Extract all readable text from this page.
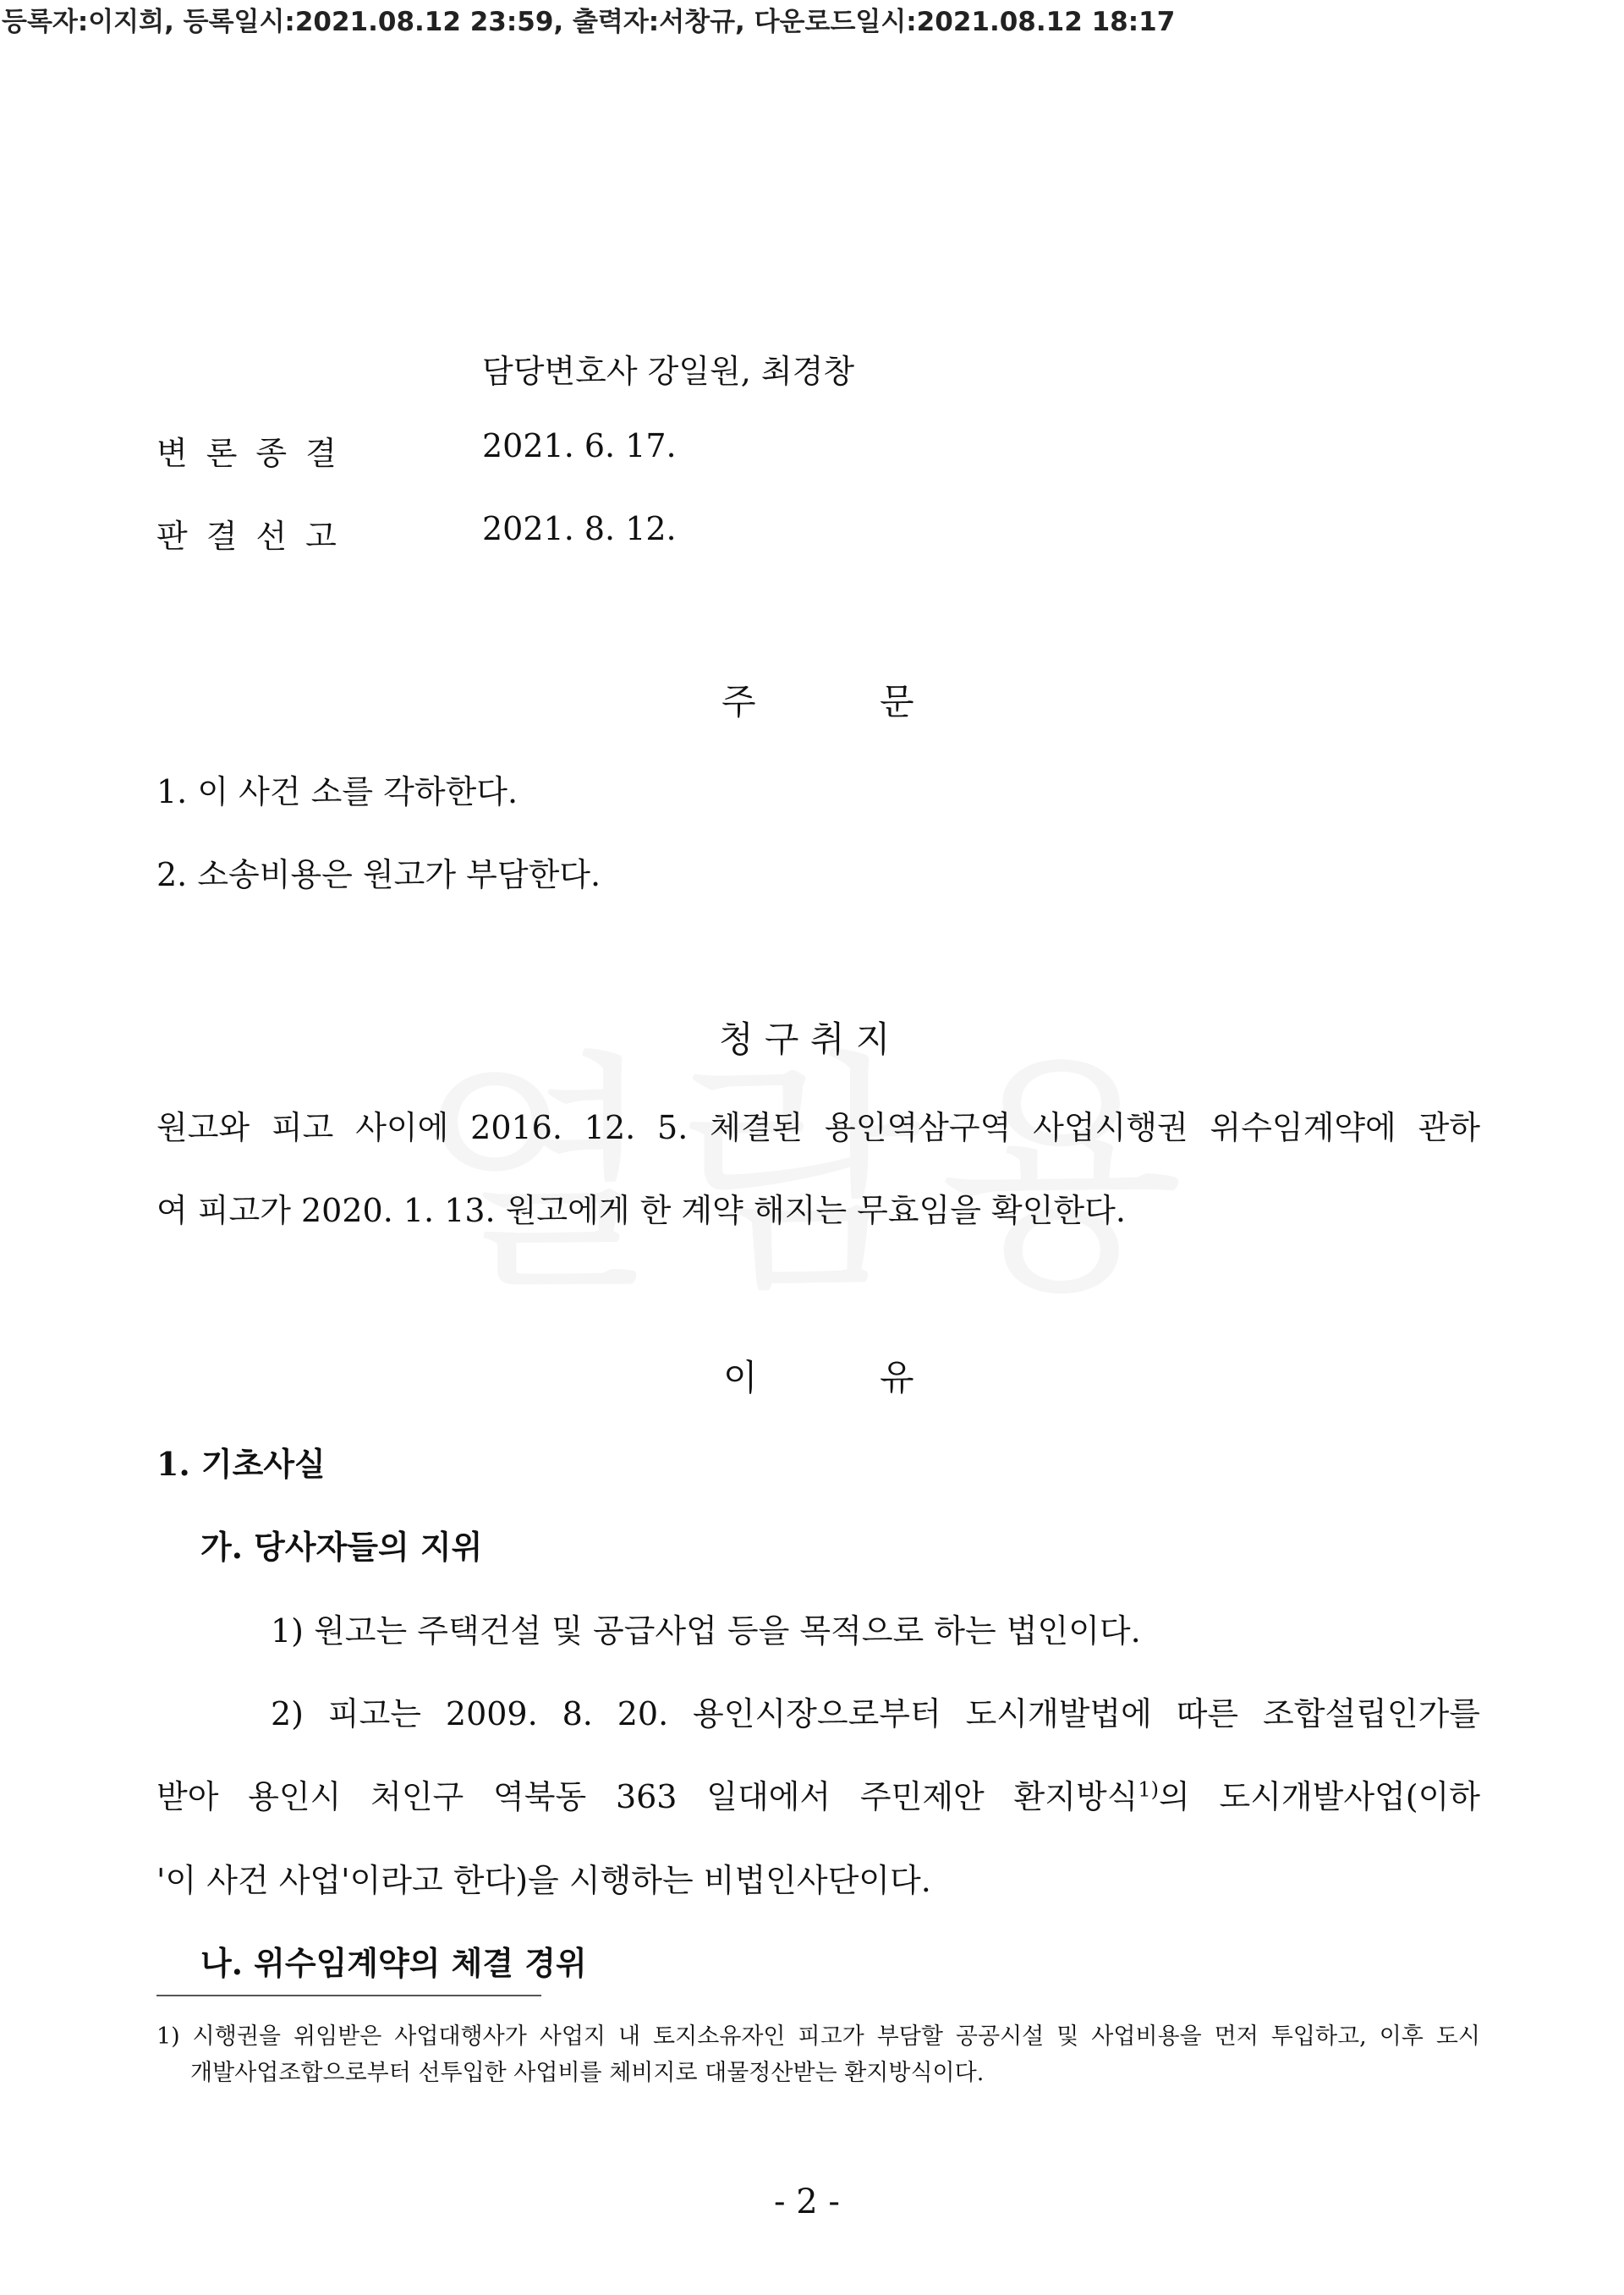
등록자:이지희, 등록일시:2021.08.12 23:59, 출력자:서창규, 다운로드일시:2021.08.12 18:17
담당변호사 강일원, 최경창
변론종결	2021. 6. 17.
판결선고	2021. 8. 12.
주	문
1. 이 사건 소를 각하한다.
2. 소송비용은 원고가 부담한다.
청 구 취 지
원고와 피고 사이에 2016. 12. 5. 체결된 용인역삼구역 사업시행권 위수임계약에 관하
여 피고가 2020. 1. 13. 원고에게 한 계약 해지는 무효임을 확인한다.
이	유
1. 기초사실
가. 당사자들의 지위
1) 원고는 주택건설 및 공급사업 등을 목적으로 하는 법인이다.
2) 피고는 2009. 8. 20. 용인시장으로부터 도시개발법에 따른 조합설립인가를
받아 용인시 처인구 역북동 363 일대에서 주민제안 환지방식$^{1)}$의 도시개발사업(이하
'이 사건 사업'이라고 한다)을 시행하는 비법인사단이다.
나. 위수임계약의 체결 경위
1) 시행권을 위임받은 사업대행사가 사업지 내 토지소유자인 피고가 부담할 공공시설 및 사업비용을 먼저 투입하고, 이후 도시
개발사업조합으로부터 선투입한 사업비를 체비지로 대물정산받는 환지방식이다.
- 2 -
